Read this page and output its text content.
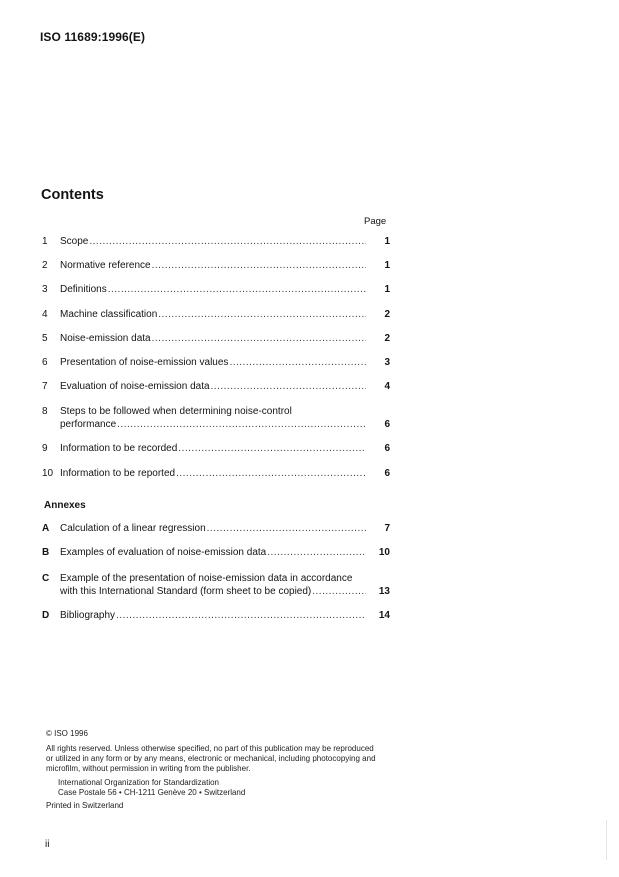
ISO 11689:1996(E)
Contents
Page
1	Scope .....	1
2	Normative reference .....	1
3	Definitions .....	1
4	Machine classification .....	2
5	Noise-emission data .....	2
6	Presentation of noise-emission values .....	3
7	Evaluation of noise-emission data .....	4
8	Steps to be followed when determining noise-control
performance .....	6
9	Information to be recorded .....	6
10 Information to be reported .....	6
Annexes
A	Calculation of a linear regression .....	7
B	Examples of evaluation of noise-emission data .....	10
C	Example of the presentation of noise-emission data in accordance
with this International Standard (form sheet to be copied) .....	13
D	Bibliography .....	14
© ISO 1996
All rights reserved. Unless otherwise specified, no part of this publication may be reproduced
or utilized in any form or by any means, electronic or mechanical, including photocopying and
microfilm, without permission in writing from the publisher.
International Organization for Standardization
Case Postale 56 • CH-1211 Genève 20 • Switzerland
Printed in Switzerland
ii
